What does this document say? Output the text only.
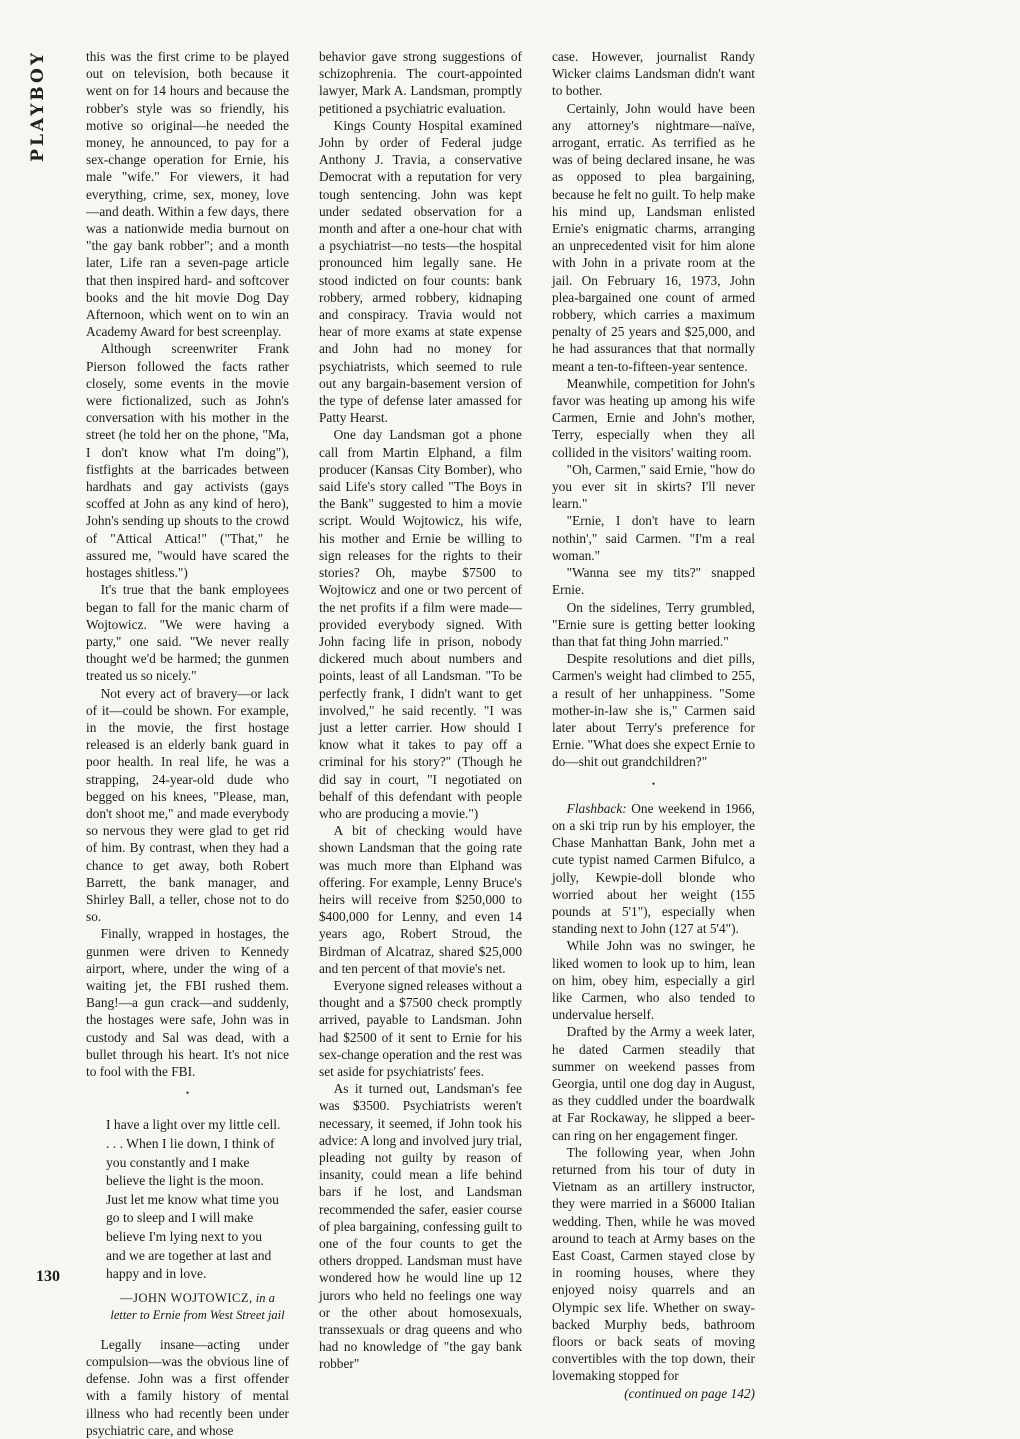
PLAYBOY
130

this was the first crime to be played out on television, both because it went on for 14 hours and because the robber's style was so friendly, his motive so original—he needed the money, he announced, to pay for a sex-change operation for Ernie, his male "wife." For viewers, it had everything, crime, sex, money, love—and death. Within a few days, there was a nationwide media burnout on "the gay bank robber"; and a month later, Life ran a seven-page article that then inspired hard- and softcover books and the hit movie Dog Day Afternoon, which went on to win an Academy Award for best screenplay.

Although screenwriter Frank Pierson followed the facts rather closely, some events in the movie were fictionalized, such as John's conversation with his mother in the street (he told her on the phone, "Ma, I don't know what I'm doing"), fistfights at the barricades between hardhats and gay activists (gays scoffed at John as any kind of hero), John's sending up shouts to the crowd of "Attical Attica!" ("That," he assured me, "would have scared the hostages shitless.")

It's true that the bank employees began to fall for the manic charm of Wojtowicz. "We were having a party," one said. "We never really thought we'd be harmed; the gunmen treated us so nicely."

Not every act of bravery—or lack of it—could be shown. For example, in the movie, the first hostage released is an elderly bank guard in poor health. In real life, he was a strapping, 24-year-old dude who begged on his knees, "Please, man, don't shoot me," and made everybody so nervous they were glad to get rid of him. By contrast, when they had a chance to get away, both Robert Barrett, the bank manager, and Shirley Ball, a teller, chose not to do so.

Finally, wrapped in hostages, the gunmen were driven to Kennedy airport, where, under the wing of a waiting jet, the FBI rushed them. Bang!—a gun crack—and suddenly, the hostages were safe, John was in custody and Sal was dead, with a bullet through his heart. It's not nice to fool with the FBI.

•

I have a light over my little cell. . . . When I lie down, I think of you constantly and I make believe the light is the moon. Just let me know what time you go to sleep and I will make believe I'm lying next to you and we are together at last and happy and in love.

—JOHN WOJTOWICZ, in a letter to Ernie from West Street jail

Legally insane—acting under compulsion—was the obvious line of defense. John was a first offender with a family history of mental illness who had recently been under psychiatric care, and whose

behavior gave strong suggestions of schizophrenia. The court-appointed lawyer, Mark A. Landsman, promptly petitioned a psychiatric evaluation.

Kings County Hospital examined John by order of Federal judge Anthony J. Travia, a conservative Democrat with a reputation for very tough sentencing. John was kept under sedated observation for a month and after a one-hour chat with a psychiatrist—no tests—the hospital pronounced him legally sane. He stood indicted on four counts: bank robbery, armed robbery, kidnaping and conspiracy. Travia would not hear of more exams at state expense and John had no money for psychiatrists, which seemed to rule out any bargain-basement version of the type of defense later amassed for Patty Hearst.

One day Landsman got a phone call from Martin Elphand, a film producer (Kansas City Bomber), who said Life's story called "The Boys in the Bank" suggested to him a movie script. Would Wojtowicz, his wife, his mother and Ernie be willing to sign releases for the rights to their stories? Oh, maybe $7500 to Wojtowicz and one or two percent of the net profits if a film were made—provided everybody signed. With John facing life in prison, nobody dickered much about numbers and points, least of all Landsman. "To be perfectly frank, I didn't want to get involved," he said recently. "I was just a letter carrier. How should I know what it takes to pay off a criminal for his story?" (Though he did say in court, "I negotiated on behalf of this defendant with people who are producing a movie.")

A bit of checking would have shown Landsman that the going rate was much more than Elphand was offering. For example, Lenny Bruce's heirs will receive from $250,000 to $400,000 for Lenny, and even 14 years ago, Robert Stroud, the Birdman of Alcatraz, shared $25,000 and ten percent of that movie's net.

Everyone signed releases without a thought and a $7500 check promptly arrived, payable to Landsman. John had $2500 of it sent to Ernie for his sex-change operation and the rest was set aside for psychiatrists' fees.

As it turned out, Landsman's fee was $3500. Psychiatrists weren't necessary, it seemed, if John took his advice: A long and involved jury trial, pleading not guilty by reason of insanity, could mean a life behind bars if he lost, and Landsman recommended the safer, easier course of plea bargaining, confessing guilt to one of the four counts to get the others dropped. Landsman must have wondered how he would line up 12 jurors who held no feelings one way or the other about homosexuals, transsexuals or drag queens and who had no knowledge of "the gay bank robber"

case. However, journalist Randy Wicker claims Landsman didn't want to bother.

Certainly, John would have been any attorney's nightmare—naïve, arrogant, erratic. As terrified as he was of being declared insane, he was as opposed to plea bargaining, because he felt no guilt. To help make his mind up, Landsman enlisted Ernie's enigmatic charms, arranging an unprecedented visit for him alone with John in a private room at the jail. On February 16, 1973, John plea-bargained one count of armed robbery, which carries a maximum penalty of 25 years and $25,000, and he had assurances that that normally meant a ten-to-fifteen-year sentence.

Meanwhile, competition for John's favor was heating up among his wife Carmen, Ernie and John's mother, Terry, especially when they all collided in the visitors' waiting room.

"Oh, Carmen," said Ernie, "how do you ever sit in skirts? I'll never learn."

"Ernie, I don't have to learn nothin'," said Carmen. "I'm a real woman."

"Wanna see my tits?" snapped Ernie.

On the sidelines, Terry grumbled, "Ernie sure is getting better looking than that fat thing John married."

Despite resolutions and diet pills, Carmen's weight had climbed to 255, a result of her unhappiness. "Some mother-in-law she is," Carmen said later about Terry's preference for Ernie. "What does she expect Ernie to do—shit out grandchildren?"

•

Flashback: One weekend in 1966, on a ski trip run by his employer, the Chase Manhattan Bank, John met a cute typist named Carmen Bifulco, a jolly, Kewpie-doll blonde who worried about her weight (155 pounds at 5'1"), especially when standing next to John (127 at 5'4").

While John was no swinger, he liked women to look up to him, lean on him, obey him, especially a girl like Carmen, who also tended to undervalue herself.

Drafted by the Army a week later, he dated Carmen steadily that summer on weekend passes from Georgia, until one dog day in August, as they cuddled under the boardwalk at Far Rockaway, he slipped a beer-can ring on her engagement finger.

The following year, when John returned from his tour of duty in Vietnam as an artillery instructor, they were married in a $6000 Italian wedding. Then, while he was moved around to teach at Army bases on the East Coast, Carmen stayed close by in rooming houses, where they enjoyed noisy quarrels and an Olympic sex life. Whether on sway-backed Murphy beds, bathroom floors or back seats of moving convertibles with the top down, their lovemaking stopped for

(continued on page 142)
